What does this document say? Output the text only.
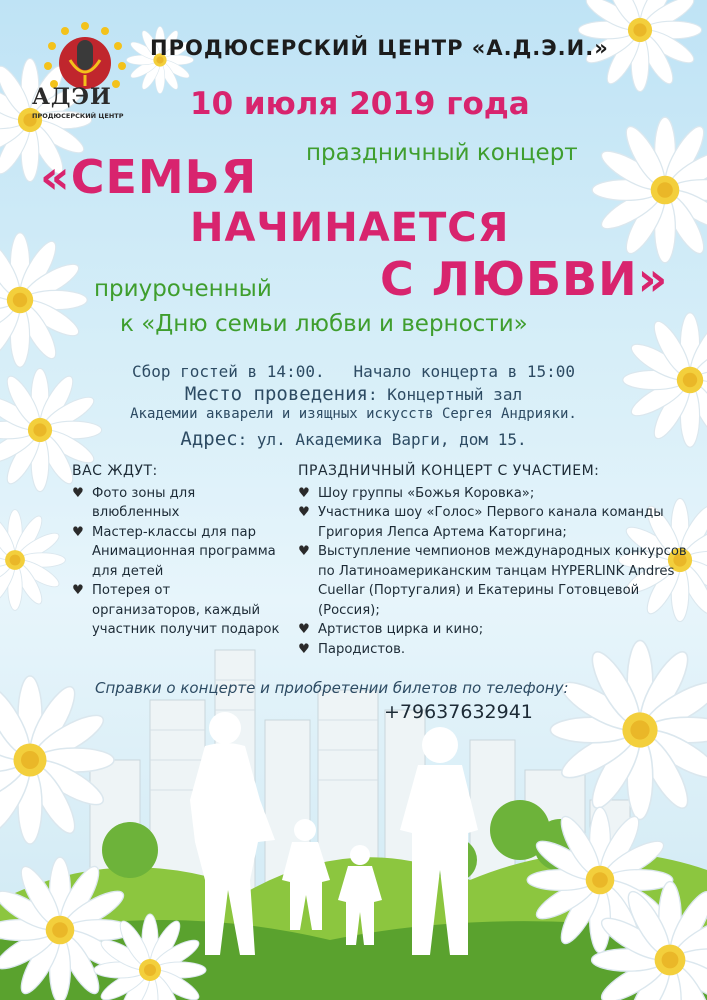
АДЭИ
ПРОДЮСЕРСКИЙ ЦЕНТР
ПРОДЮСЕРСКИЙ ЦЕНТР «А.Д.Э.И.»
10 июля 2019 года
праздничный концерт
«СЕМЬЯ
НАЧИНАЕТСЯ
приуроченный С ЛЮБВИ»
к «Дню семьи любви и верности»
Сбор гостей в 14:00.   Начало концерта в 15:00
Место проведения: Концертный зал
Академии акварели и изящных искусств Сергея Андрияки.
Адрес: ул. Академика Варги, дом 15.
ВАС ЖДУТ:
♥ Фото зоны для влюбленных
♥ Мастер-классы для пар Анимационная программа для детей
♥ Потерея от организаторов, каждый участник получит подарок
ПРАЗДНИЧНЫЙ КОНЦЕРТ С УЧАСТИЕМ:
♥ Шоу группы «Божья Коровка»;
♥ Участника шоу «Голос» Первого канала команды Григория Лепса Артема Каторгина;
♥ Выступление чемпионов международных конкурсов по Латиноамериканским танцам HYPERLINK Andres Cuellar (Португалия) и Екатерины Готовцевой (Россия);
♥ Артистов цирка и кино;
♥ Пародистов.
Справки о концерте и приобретении билетов по телефону:
+79637632941
